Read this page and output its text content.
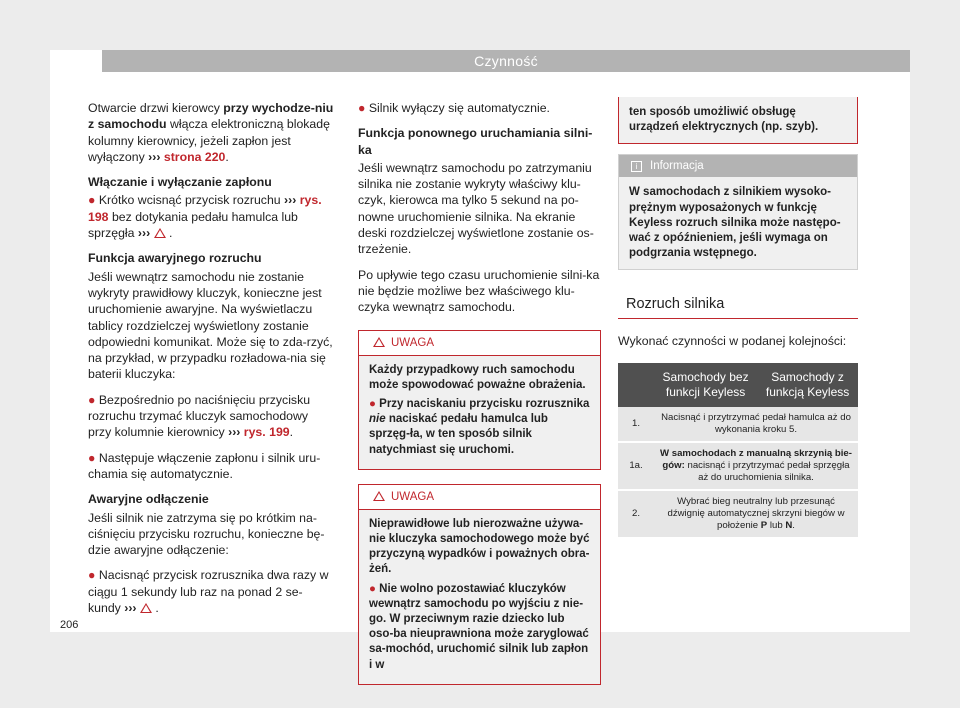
Czynność

Otwarcie drzwi kierowcy przy wychodze-niu z samochodu włącza elektroniczną blokadę kolumny kierownicy, jeżeli zapłon jest wyłączony ››› strona 220.

Włączanie i wyłączanie zapłonu

● Krótko wcisnąć przycisk rozruchu ››› rys. 198 bez dotykania pedału hamulca lub sprzęgła ›››  .

Funkcja awaryjnego rozruchu

Jeśli wewnątrz samochodu nie zostanie wykryty prawidłowy kluczyk, konieczne jest uruchomienie awaryjne. Na wyświetlaczu tablicy rozdzielczej wyświetlony zostanie odpowiedni komunikat. Może się to zda-rzyć, na przykład, w przypadku rozładowa-nia się baterii kluczyka:

● Bezpośrednio po naciśnięciu przycisku rozruchu trzymać kluczyk samochodowy przy kolumnie kierownicy ››› rys. 199.

● Następuje włączenie zapłonu i silnik uru-chamia się automatycznie.

Awaryjne odłączenie

Jeśli silnik nie zatrzyma się po krótkim na-ciśnięciu przycisku rozruchu, konieczne bę-dzie awaryjne odłączenie:

● Nacisnąć przycisk rozrusznika dwa razy w ciągu 1 sekundy lub raz na ponad 2 se-kundy ›››  .

● Silnik wyłączy się automatycznie.

Funkcja ponownego uruchamiania silni-ka

Jeśli wewnątrz samochodu po zatrzymaniu silnika nie zostanie wykryty właściwy klu-czyk, kierowca ma tylko 5 sekund na po-nowne uruchomienie silnika. Na ekranie deski rozdzielczej wyświetlone zostanie os-trzeżenie.

Po upływie tego czasu uruchomienie silni-ka nie będzie możliwe bez właściwego klu-czyka wewnątrz samochodu.

UWAGA

Każdy przypadkowy ruch samochodu może spowodować poważne obrażenia.

● Przy naciskaniu przycisku rozrusznika nie naciskać pedału hamulca lub sprzęg-ła, w ten sposób silnik natychmiast się uruchomi.

UWAGA

Nieprawidłowe lub nierozważne używa-nie kluczyka samochodowego może być przyczyną wypadków i poważnych obra-żeń.

● Nie wolno pozostawiać kluczyków wewnątrz samochodu po wyjściu z nie-go. W przeciwnym razie dziecko lub oso-ba nieuprawniona może zaryglować sa-mochód, uruchomić silnik lub zapłon i w

ten sposób umożliwić obsługę urządzeń elektrycznych (np. szyb).
i Informacja
W samochodach z silnikiem wysoko-prężnym wyposażonych w funkcję Keyless rozruch silnika może następo-wać z opóźnieniem, jeśli wymaga on podgrzania wstępnego.
Rozruch silnika

Wykonać czynności w podanej kolejności:

	Samochody bez funkcji Keyless	Samochody z funkcją Keyless
1.	Nacisnąć i przytrzymać pedał hamulca aż do wykonania kroku 5.	
1a.	W samochodach z manualną skrzynią bie-gów: nacisnąć i przytrzymać pedał sprzęgła aż do uruchomienia silnika.	
2.	Wybrać bieg neutralny lub przesunąć dźwignię automatycznej skrzyni biegów w położenie P lub N.	
206
